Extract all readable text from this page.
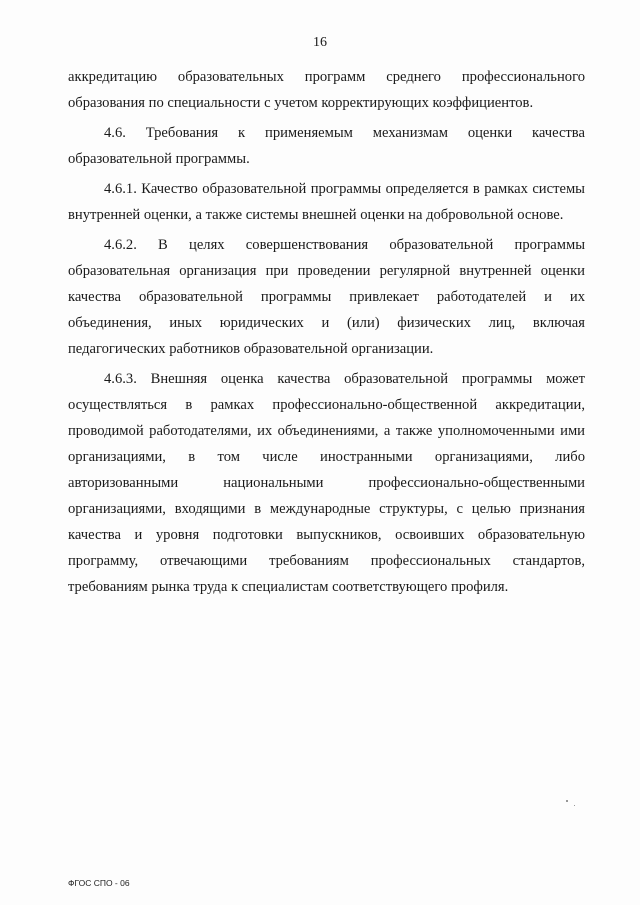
16

аккредитацию образовательных программ среднего профессионального образования по специальности с учетом корректирующих коэффициентов.

4.6. Требования к применяемым механизмам оценки качества образовательной программы.

4.6.1. Качество образовательной программы определяется в рамках системы внутренней оценки, а также системы внешней оценки на добровольной основе.

4.6.2. В целях совершенствования образовательной программы образовательная организация при проведении регулярной внутренней оценки качества образовательной программы привлекает работодателей и их объединения, иных юридических и (или) физических лиц, включая педагогических работников образовательной организации.

4.6.3. Внешняя оценка качества образовательной программы может осуществляться в рамках профессионально-общественной аккредитации, проводимой работодателями, их объединениями, а также уполномоченными ими организациями, в том числе иностранными организациями, либо авторизованными национальными профессионально-общественными организациями, входящими в международные структуры, с целью признания качества и уровня подготовки выпускников, освоивших образовательную программу, отвечающими требованиям профессиональных стандартов, требованиям рынка труда к специалистам соответствующего профиля.

ФГОС СПО - 06
